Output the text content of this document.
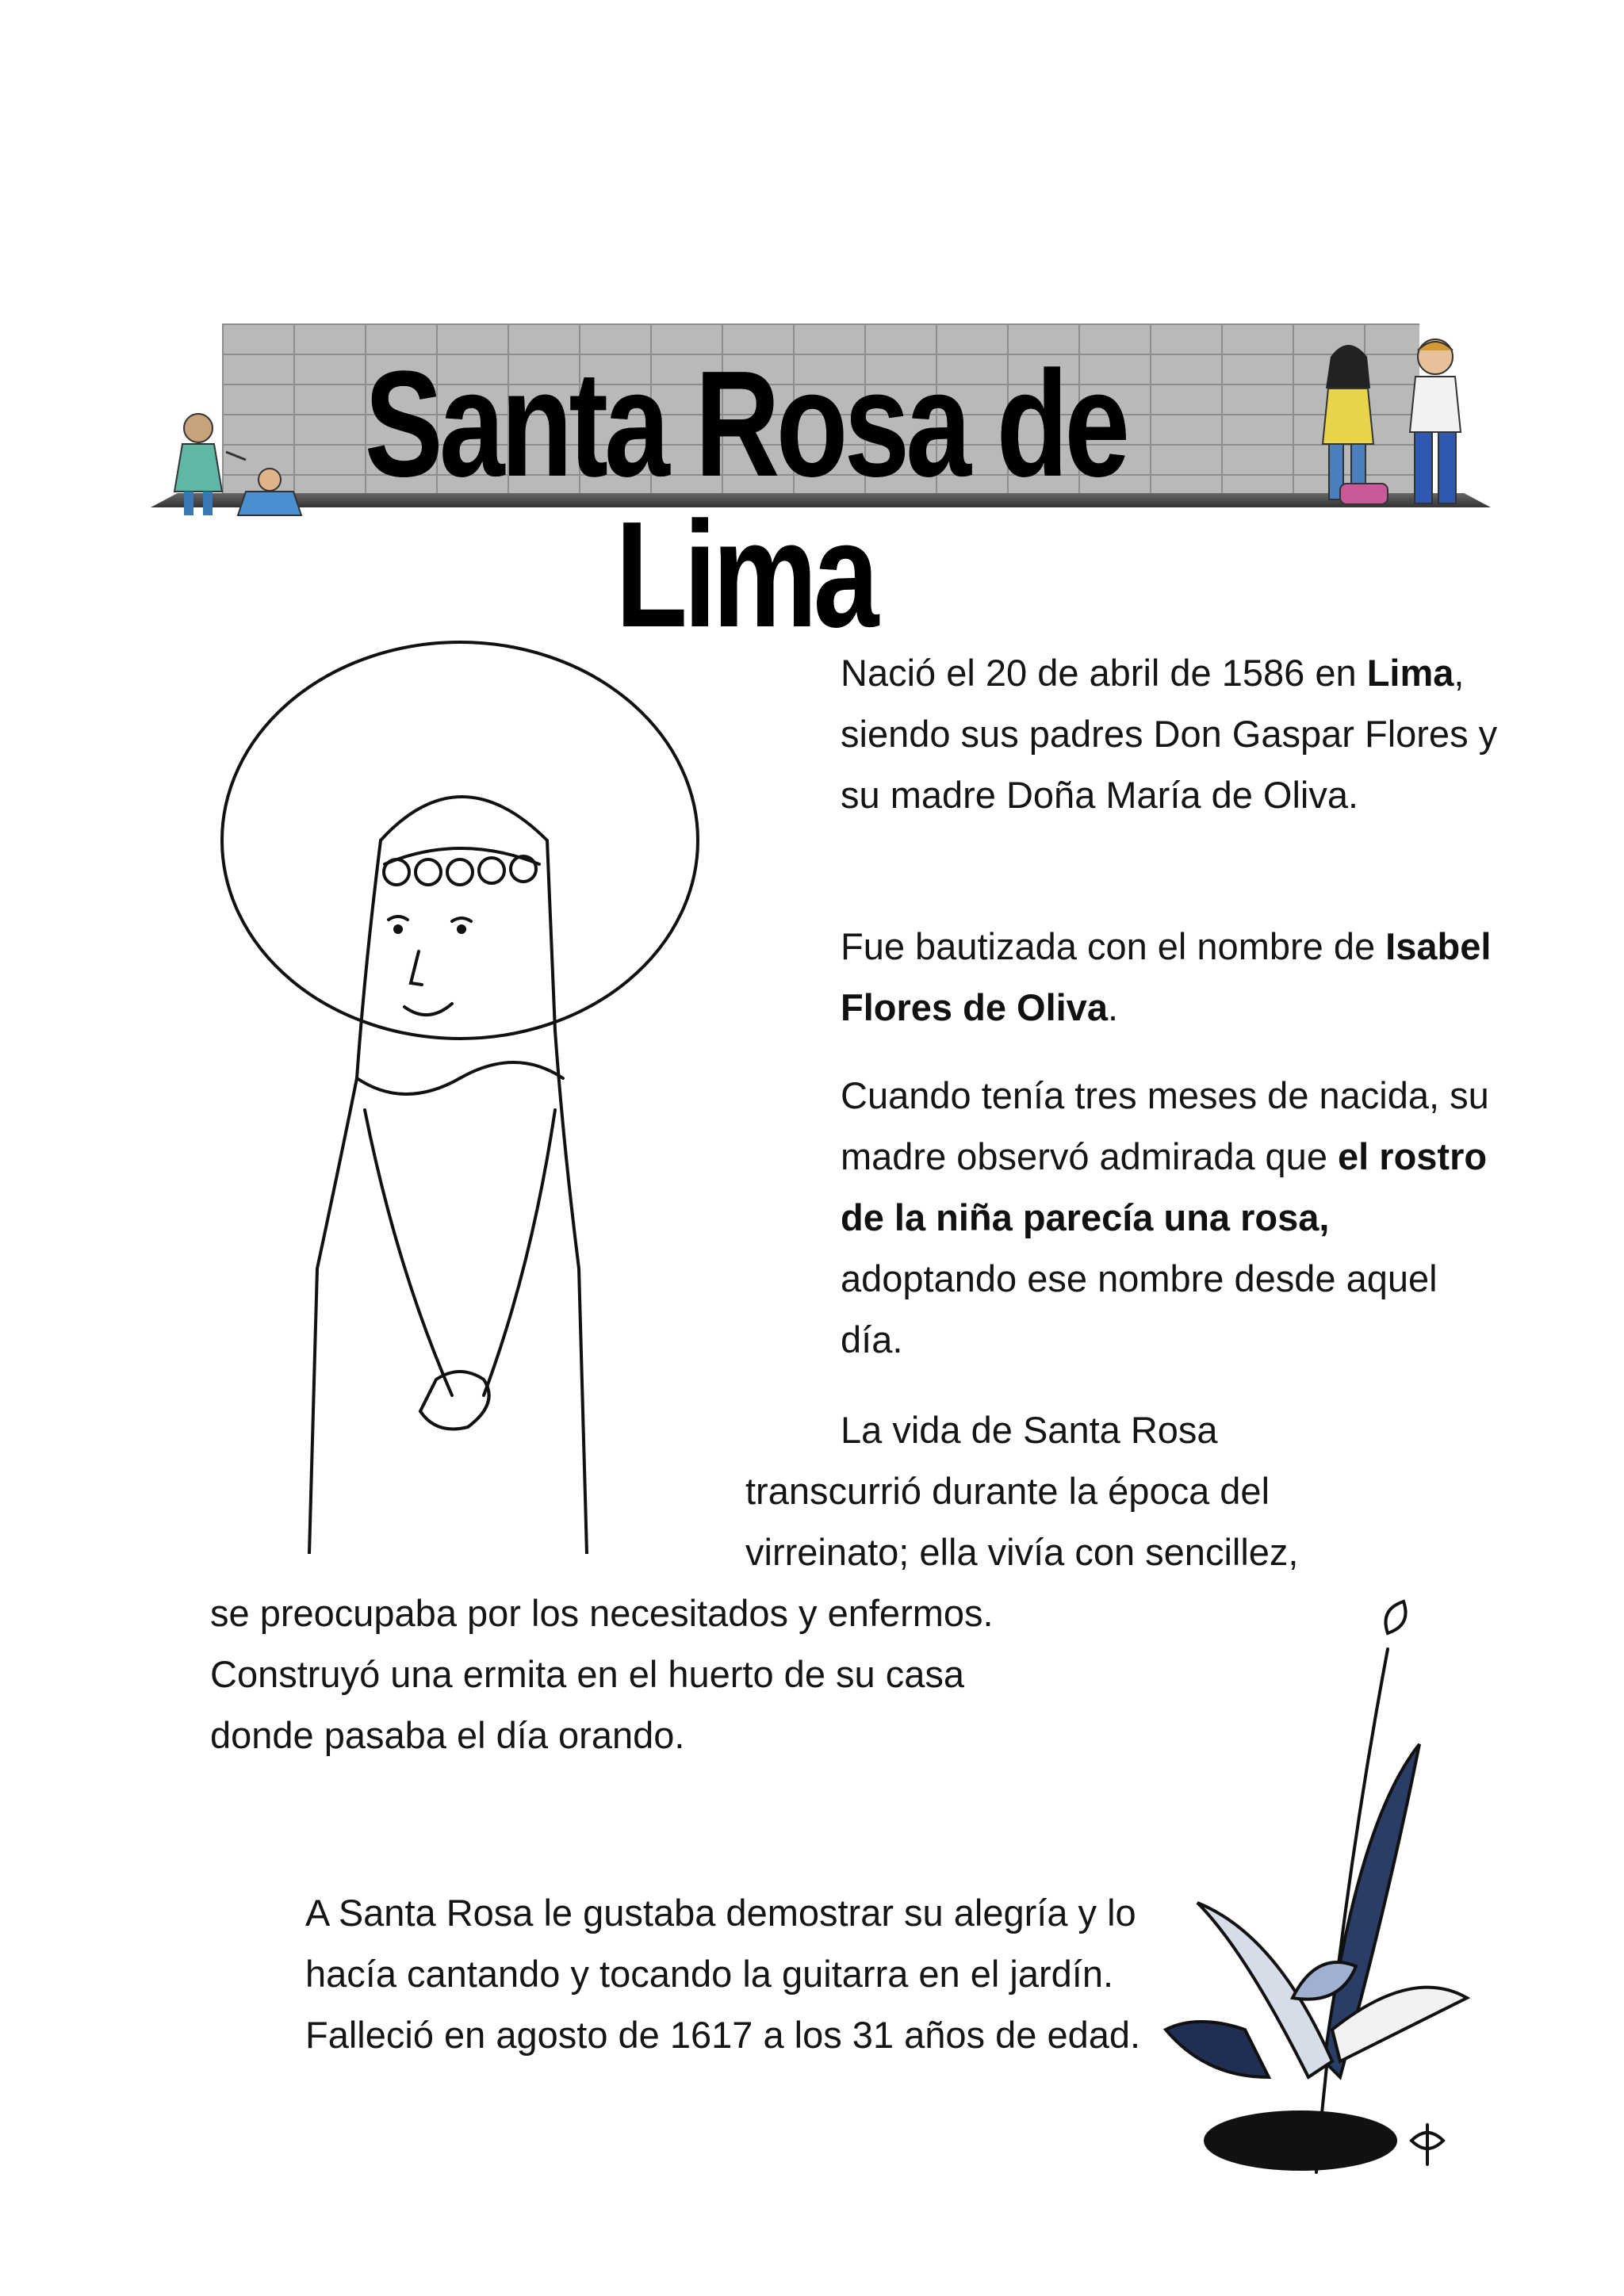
Santa Rosa de Lima

Nació el 20 de abril de 1586 en Lima, siendo sus padres Don Gaspar Flores y su madre Doña María de Oliva.

Fue bautizada con el nombre de Isabel Flores de Oliva.

Cuando tenía tres meses de nacida, su madre observó admirada que el rostro de la niña parecía una rosa, adoptando ese nombre desde aquel día.

La vida de Santa Rosa
transcurrió durante la época del
virreinato; ella vivía con sencillez,
se preocupaba por los necesitados y enfermos.
Construyó una ermita en el huerto de su casa
donde pasaba el día orando.

A Santa Rosa le gustaba demostrar su alegría y lo hacía cantando y tocando la guitarra en el jardín. Falleció en agosto de 1617 a los 31 años de edad.
